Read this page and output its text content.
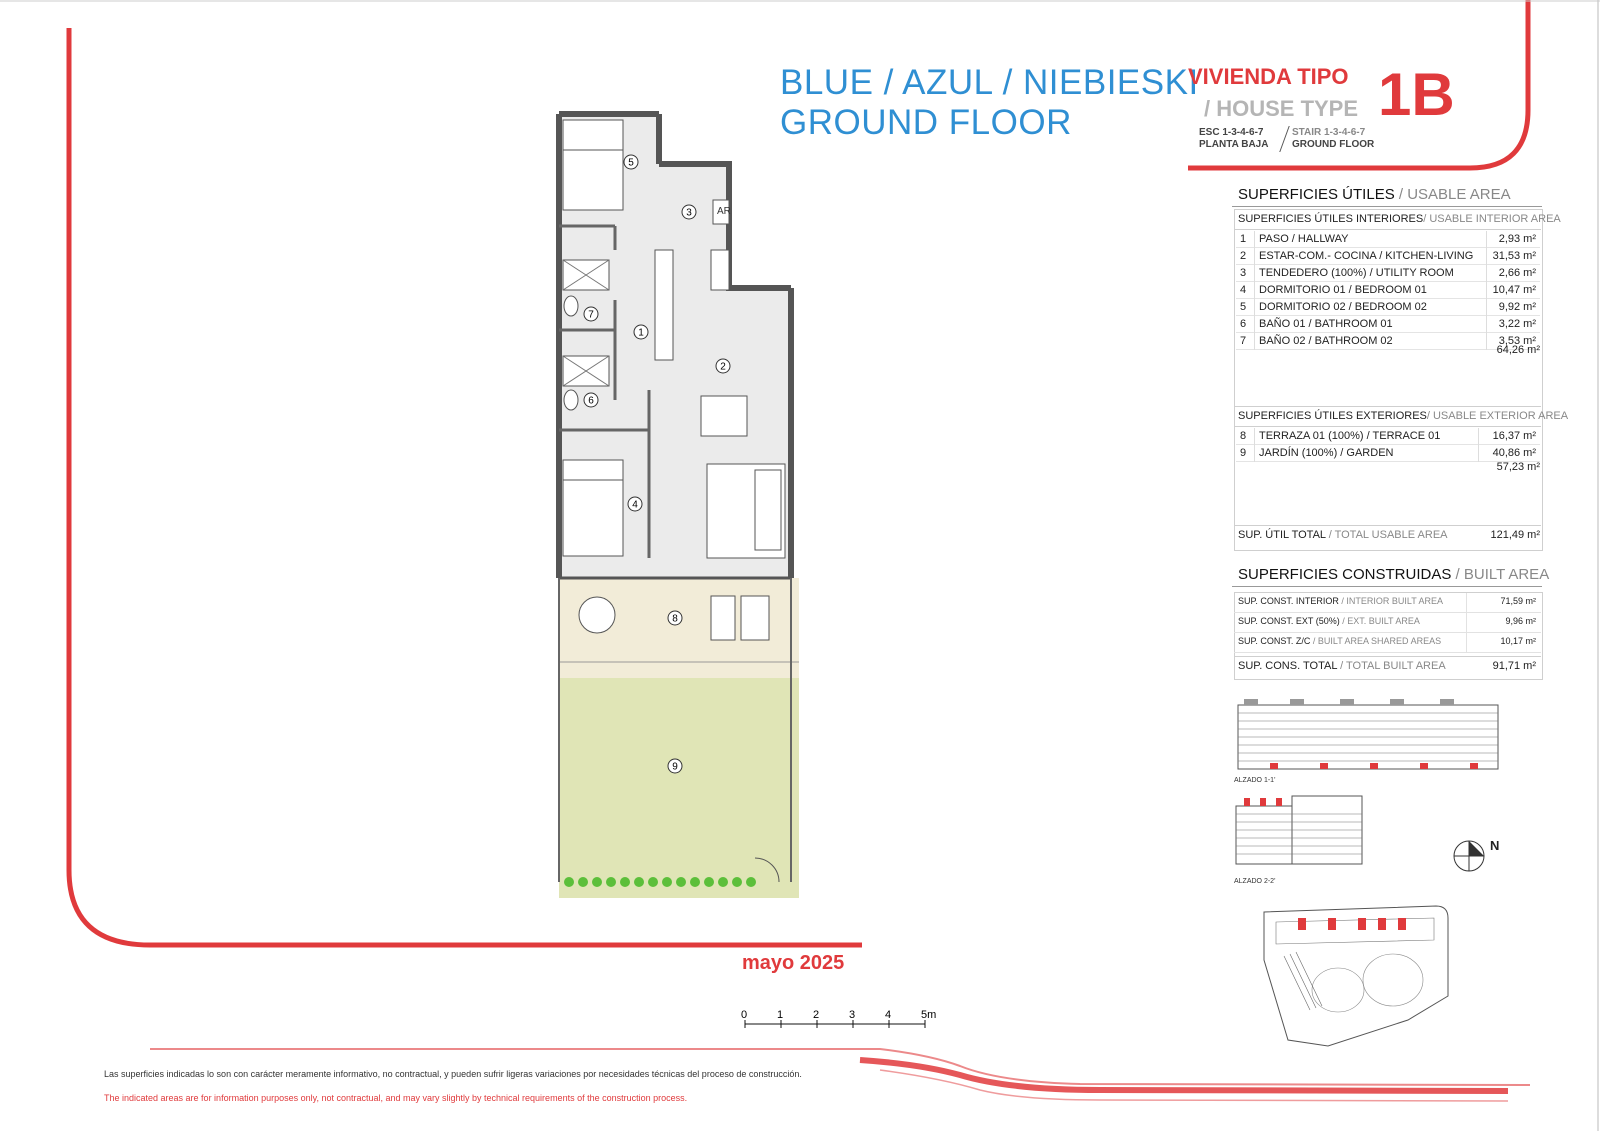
BLUE / AZUL / NIEBIESKI
GROUND FLOOR
VIVIENDA TIPO
/ HOUSE TYPE 1B
ESC 1-3-4-6-7
PLANTA BAJA
STAIR 1-3-4-6-7
GROUND FLOOR
SUPERFICIES ÚTILES / USABLE AREA
SUPERFICIES ÚTILES INTERIORES/ USABLE INTERIOR AREA
1	PASO / HALLWAY	2,93 m²
2	ESTAR-COM.- COCINA / KITCHEN-LIVING	31,53 m²
3	TENDEDERO (100%) / UTILITY ROOM	2,66 m²
4	DORMITORIO 01 / BEDROOM 01	10,47 m²
5	DORMITORIO 02 / BEDROOM 02	9,92 m²
6	BAÑO 01 / BATHROOM 01	3,22 m²
7	BAÑO 02 / BATHROOM 02	3,53 m²
64,26 m²
SUPERFICIES ÚTILES EXTERIORES/ USABLE EXTERIOR AREA
8	TERRAZA 01 (100%) / TERRACE 01	16,37 m²
9	JARDÍN (100%) / GARDEN	40,86 m²
57,23 m²
SUP. ÚTIL TOTAL / TOTAL USABLE AREA	121,49 m²
SUPERFICIES CONSTRUIDAS / BUILT AREA
SUP. CONST. INTERIOR / INTERIOR BUILT AREA	71,59 m²
SUP. CONST. EXT (50%) / EXT. BUILT AREA	9,96 m²
SUP. CONST. Z/C / BUILT AREA SHARED AREAS	10,17 m²
SUP. CONS. TOTAL / TOTAL BUILT AREA	91,71 m²
ALZADO 1-1'
ALZADO 2-2'
N
1
2
3
4
5
6
7
8
9
AR
mayo 2025
0	1	2	3	4	5m
Las superficies indicadas lo son con carácter meramente informativo, no contractual, y pueden sufrir ligeras variaciones por necesidades técnicas del proceso de construcción.
The indicated areas are for information purposes only, not contractual, and may vary slightly by technical requirements of the construction process.
